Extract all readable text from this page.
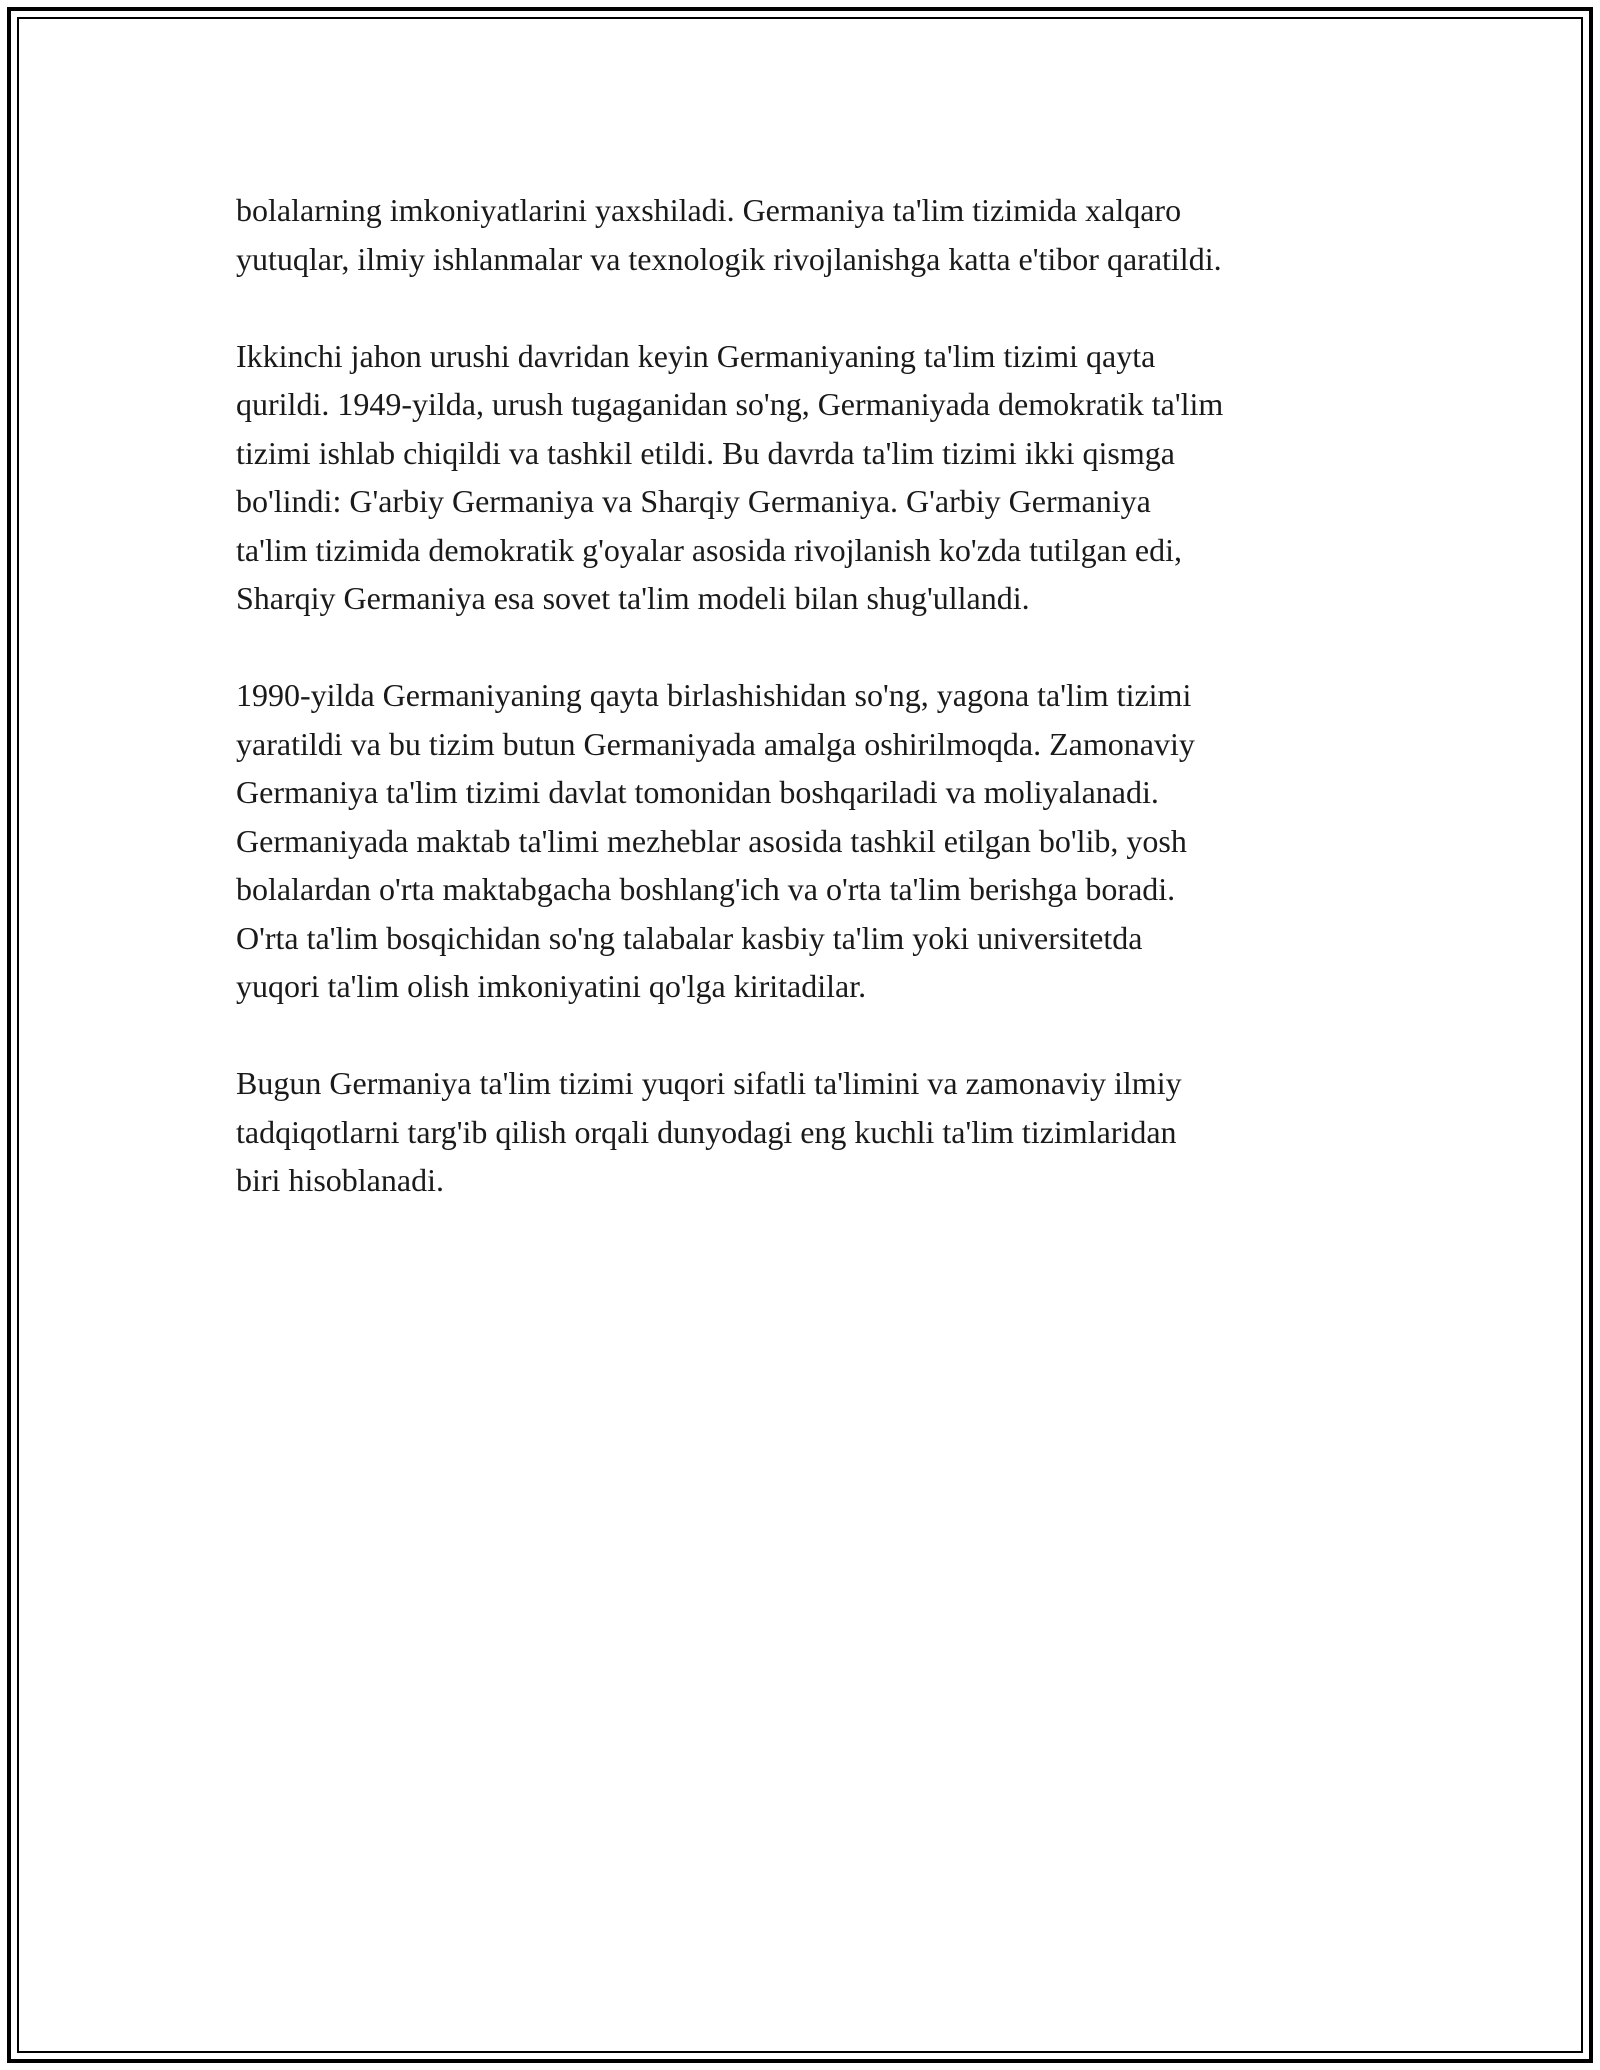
bolalarning imkoniyatlarini yaxshiladi. Germaniya ta'lim tizimida xalqaro
yutuqlar, ilmiy ishlanmalar va texnologik rivojlanishga katta e'tibor qaratildi.
Ikkinchi jahon urushi davridan keyin Germaniyaning ta'lim tizimi qayta
qurildi. 1949-yilda, urush tugaganidan so'ng, Germaniyada demokratik ta'lim
tizimi ishlab chiqildi va tashkil etildi. Bu davrda ta'lim tizimi ikki qismga
bo'lindi: G'arbiy Germaniya va Sharqiy Germaniya. G'arbiy Germaniya
ta'lim tizimida demokratik g'oyalar asosida rivojlanish ko'zda tutilgan edi,
Sharqiy Germaniya esa sovet ta'lim modeli bilan shug'ullandi.
1990-yilda Germaniyaning qayta birlashishidan so'ng, yagona ta'lim tizimi
yaratildi va bu tizim butun Germaniyada amalga oshirilmoqda. Zamonaviy
Germaniya ta'lim tizimi davlat tomonidan boshqariladi va moliyalanadi.
Germaniyada maktab ta'limi mezheblar asosida tashkil etilgan bo'lib, yosh
bolalardan o'rta maktabgacha boshlang'ich va o'rta ta'lim berishga boradi.
O'rta ta'lim bosqichidan so'ng talabalar kasbiy ta'lim yoki universitetda
yuqori ta'lim olish imkoniyatini qo'lga kiritadilar.
Bugun Germaniya ta'lim tizimi yuqori sifatli ta'limini va zamonaviy ilmiy
tadqiqotlarni targ'ib qilish orqali dunyodagi eng kuchli ta'lim tizimlaridan
biri hisoblanadi.
